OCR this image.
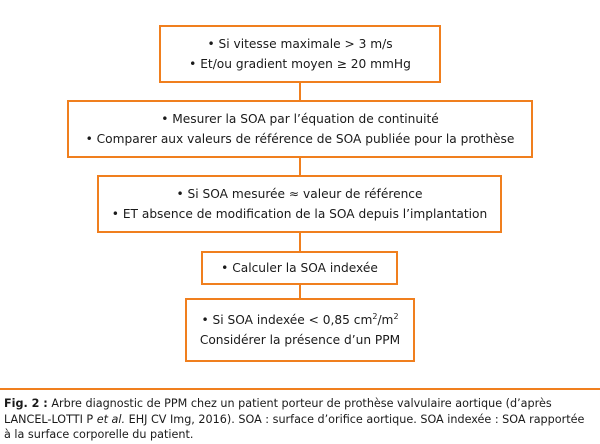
• Si vitesse maximale > 3 m/s
• Et/ou gradient moyen ≥ 20 mmHg
• Mesurer la SOA par l’équation de continuité
• Comparer aux valeurs de référence de SOA publiée pour la prothèse
• Si SOA mesurée ≈ valeur de référence
• ET absence de modification de la SOA depuis l’implantation
• Calculer la SOA indexée
• Si SOA indexée < 0,85 $cm^2/m^2$
Considérer la présence d’un PPM
Fig. 2 : Arbre diagnostic de PPM chez un patient porteur de prothèse valvulaire aortique (d’après LANCEL-LOTTI P et al. EHJ CV Img, 2016). SOA : surface d’orifice aortique. SOA indexée : SOA rapportée à la surface corporelle du patient.
